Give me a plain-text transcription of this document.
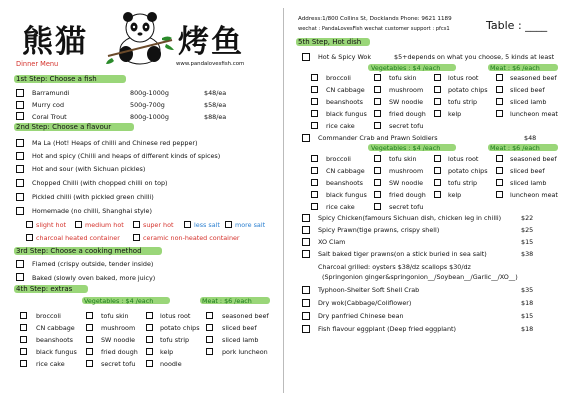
熊猫	烤鱼
Dinner Menu	www.pandalovesfish.com
1st Step: Choose a fish
Barramundi	800g-1000g	$48/ea
Murry cod	500g-700g	$58/ea
Coral Trout	800g-1000g	$88/ea
2nd Step: Choose a flavour
Ma La (Hot! Heaps of chilli and Chinese red pepper)
Hot and spicy (Chilli and heaps of different kinds of spices)
Hot and sour (with Sichuan pickles)
Chopped Chilli (with chopped chilli on top)
Pickled chilli (with pickled green chilli)
Homemade (no chilli, Shanghai style)
slight hot	medium hot	super hot	less salt more salt
charcoal heated container	ceramic non-heated container
3rd Step: Choose a cooking method
Flamed (crispy outside, tender inside)
Baked (slowly oven baked, more juicy)
4th Step: extras
Vegetables : $4 /each	Meat : $6 /each
broccoli	tofu skin	lotus root	seasoned beef
CN cabbage	mushroom	potato chips	sliced beef
beanshoots	SW noodle	tofu strip	sliced lamb
black fungus	fried dough	kelp	pork luncheon
rice cake	secret tofu	noodle
Address:1/800 Collins St, Docklands Phone: 9621 1189
wechat : PandaLovesFish wechat customer support : pfcs1	Table : ____
5th Step, Hot dish
Hot & Spicy Wok	$5+depends on what you choose, 5 kinds at least
Vegetables : $4 /each	Meat : $6 /each
broccoli	tofu skin	lotus root	seasoned beef
CN cabbage	mushroom	potato chips	sliced beef
beanshoots	SW noodle	tofu strip	sliced lamb
black fungus	fried dough	kelp	luncheon meat
rice cake	secret tofu
Commander Crab and Prawn Soldiers	$48
Vegetables : $4 /each	Meat : $6 /each
broccoli	tofu skin	lotus root	seasoned beef
CN cabbage	mushroom	potato chips	sliced beef
beanshoots	SW noodle	tofu strip	sliced lamb
black fungus	fried dough	kelp	luncheon meat
rice cake	secret tofu
Spicy Chicken(famours Sichuan dish, chicken leg in chilli)	$22
Spicy Prawn(tige prawns, crispy shell)	$25
XO Clam	$15
Salt baked tiger prawns(on a stick buried in sea salt)	$38
Charcoal grilled: oysters $38/dz scallops $30/dz
(Springonion ginger&springonion__/Soybean__/Garlic__/XO__)
Typhoon-Shelter Soft Shell Crab	$35
Dry wok(Cabbage/Coliflower)	$18
Dry panfried Chinese bean	$15
Fish flavour eggplant (Deep fried eggplant)	$18
